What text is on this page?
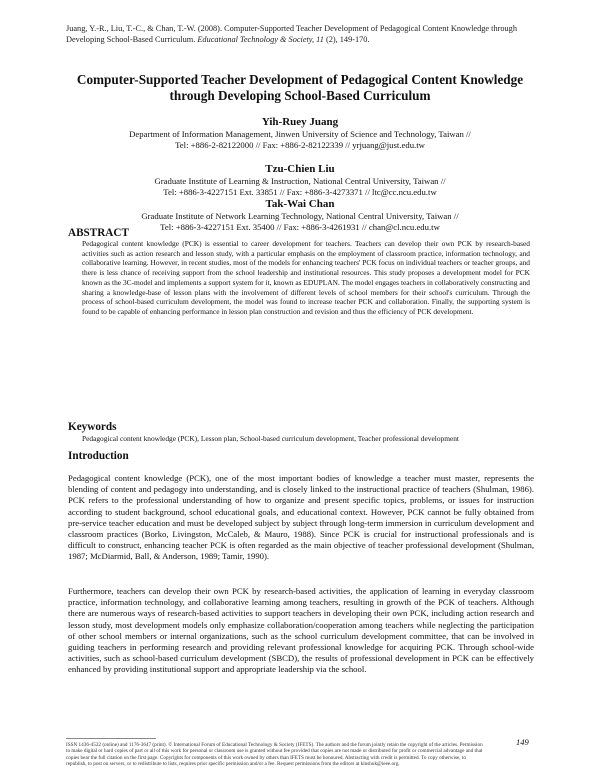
Juang, Y.-R., Liu, T.-C., & Chan, T.-W. (2008). Computer-Supported Teacher Development of Pedagogical Content Knowledge through Developing School-Based Curriculum. Educational Technology & Society, 11 (2), 149-170.
Computer-Supported Teacher Development of Pedagogical Content Knowledge through Developing School-Based Curriculum
Yih-Ruey Juang
Department of Information Management, Jinwen University of Science and Technology, Taiwan //
Tel: +886-2-82122000 // Fax: +886-2-82122339 // yrjuang@just.edu.tw
Tzu-Chien Liu
Graduate Institute of Learning & Instruction, National Central University, Taiwan //
Tel: +886-3-4227151 Ext. 33851 // Fax: +886-3-4273371 // ltc@cc.ncu.edu.tw
Tak-Wai Chan
Graduate Institute of Network Learning Technology, National Central University, Taiwan //
Tel: +886-3-4227151 Ext. 35400 // Fax: +886-3-4261931 // chan@cl.ncu.edu.tw
ABSTRACT
Pedagogical content knowledge (PCK) is essential to career development for teachers. Teachers can develop their own PCK by research-based activities such as action research and lesson study, with a particular emphasis on the employment of classroom practice, information technology, and collaborative learning. However, in recent studies, most of the models for enhancing teachers' PCK focus on individual teachers or teacher groups, and there is less chance of receiving support from the school leadership and institutional resources. This study proposes a development model for PCK known as the 3C-model and implements a support system for it, known as EDUPLAN. The model engages teachers in collaboratively constructing and sharing a knowledge-base of lesson plans with the involvement of different levels of school members for their school's curriculum. Through the process of school-based curriculum development, the model was found to increase teacher PCK and collaboration. Finally, the supporting system is found to be capable of enhancing performance in lesson plan construction and revision and thus the efficiency of PCK development.
Keywords
Pedagogical content knowledge (PCK), Lesson plan, School-based curriculum development, Teacher professional development
Introduction
Pedagogical content knowledge (PCK), one of the most important bodies of knowledge a teacher must master, represents the blending of content and pedagogy into understanding, and is closely linked to the instructional practice of teachers (Shulman, 1986). PCK refers to the professional understanding of how to organize and present specific topics, problems, or issues for instruction according to student background, school educational goals, and educational context. However, PCK cannot be fully obtained from pre-service teacher education and must be developed subject by subject through long-term immersion in curriculum development and classroom practices (Borko, Livingston, McCaleb, & Mauro, 1988). Since PCK is crucial for instructional professionals and is difficult to construct, enhancing teacher PCK is often regarded as the main objective of teacher professional development (Shulman, 1987; McDiarmid, Ball, & Anderson, 1989; Tamir, 1990).
Furthermore, teachers can develop their own PCK by research-based activities, the application of learning in everyday classroom practice, information technology, and collaborative learning among teachers, resulting in growth of the PCK of teachers. Although there are numerous ways of research-based activities to support teachers in developing their own PCK, including action research and lesson study, most development models only emphasize collaboration/cooperation among teachers while neglecting the participation of other school members or internal organizations, such as the school curriculum development committee, that can be involved in guiding teachers in performing research and providing relevant professional knowledge for acquiring PCK. Through school-wide activities, such as school-based curriculum development (SBCD), the results of professional development in PCK can be effectively enhanced by providing institutional support and appropriate leadership via the school.
ISSN 1436-4522 (online) and 1176-3647 (print). © International Forum of Educational Technology & Society (IFETS). The authors and the forum jointly retain the copyright of the articles. Permission to make digital or hard copies of part or all of this work for personal or classroom use is granted without fee provided that copies are not made or distributed for profit or commercial advantage and that copies bear the full citation on the first page. Copyrights for components of this work owned by others than IFETS must be honoured. Abstracting with credit is permitted. To copy otherwise, to republish, to post on servers, or to redistribute to lists, requires prior specific permission and/or a fee. Request permissions from the editors at kinshuk@ieee.org.
149
